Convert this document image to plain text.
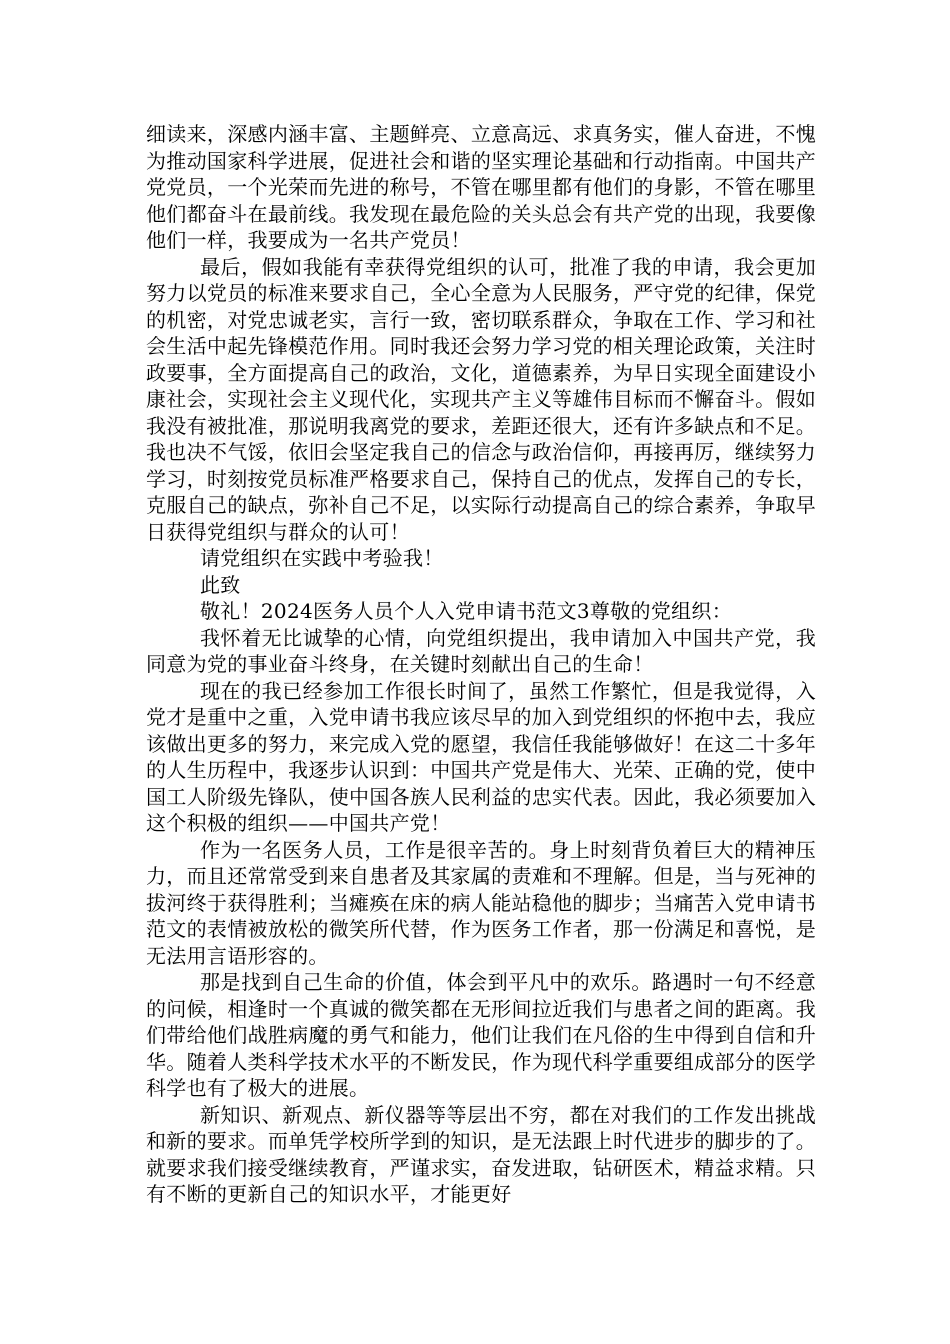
细读来，深感内涵丰富、主题鲜亮、立意高远、求真务实，催人奋进，不愧为推动国家科学进展，促进社会和谐的坚实理论基础和行动指南。中国共产党党员，一个光荣而先进的称号，不管在哪里都有他们的身影，不管在哪里他们都奋斗在最前线。我发现在最危险的关头总会有共产党的出现，我要像他们一样，我要成为一名共产党员！

最后，假如我能有幸获得党组织的认可，批准了我的申请，我会更加努力以党员的标准来要求自己，全心全意为人民服务，严守党的纪律，保党的机密，对党忠诚老实，言行一致，密切联系群众，争取在工作、学习和社会生活中起先锋模范作用。同时我还会努力学习党的相关理论政策，关注时政要事，全方面提高自己的政治，文化，道德素养，为早日实现全面建设小康社会，实现社会主义现代化，实现共产主义等雄伟目标而不懈奋斗。假如我没有被批准，那说明我离党的要求，差距还很大，还有许多缺点和不足。我也决不气馁，依旧会坚定我自己的信念与政治信仰，再接再厉，继续努力学习，时刻按党员标准严格要求自己，保持自己的优点，发挥自己的专长，克服自己的缺点，弥补自己不足，以实际行动提高自己的综合素养，争取早日获得党组织与群众的认可！

请党组织在实践中考验我！

此致

敬礼！2024医务人员个人入党申请书范文3尊敬的党组织：

我怀着无比诚挚的心情，向党组织提出，我申请加入中国共产党，我同意为党的事业奋斗终身，在关键时刻献出自己的生命！

现在的我已经参加工作很长时间了，虽然工作繁忙，但是我觉得，入党才是重中之重，入党申请书我应该尽早的加入到党组织的怀抱中去，我应该做出更多的努力，来完成入党的愿望，我信任我能够做好！在这二十多年的人生历程中，我逐步认识到：中国共产党是伟大、光荣、正确的党，使中国工人阶级先锋队，使中国各族人民利益的忠实代表。因此，我必须要加入这个积极的组织——中国共产党！

作为一名医务人员，工作是很辛苦的。身上时刻背负着巨大的精神压力，而且还常常受到来自患者及其家属的责难和不理解。但是，当与死神的拔河终于获得胜利；当瘫痪在床的病人能站稳他的脚步；当痛苦入党申请书范文的表情被放松的微笑所代替，作为医务工作者，那一份满足和喜悦，是无法用言语形容的。

那是找到自己生命的价值，体会到平凡中的欢乐。路遇时一句不经意的问候，相逢时一个真诚的微笑都在无形间拉近我们与患者之间的距离。我们带给他们战胜病魔的勇气和能力，他们让我们在凡俗的生中得到自信和升华。随着人类科学技术水平的不断发民，作为现代科学重要组成部分的医学科学也有了极大的进展。

新知识、新观点、新仪器等等层出不穷，都在对我们的工作发出挑战和新的要求。而单凭学校所学到的知识，是无法跟上时代进步的脚步的了。就要求我们接受继续教育，严谨求实，奋发进取，钻研医术，精益求精。只有不断的更新自己的知识水平，才能更好
